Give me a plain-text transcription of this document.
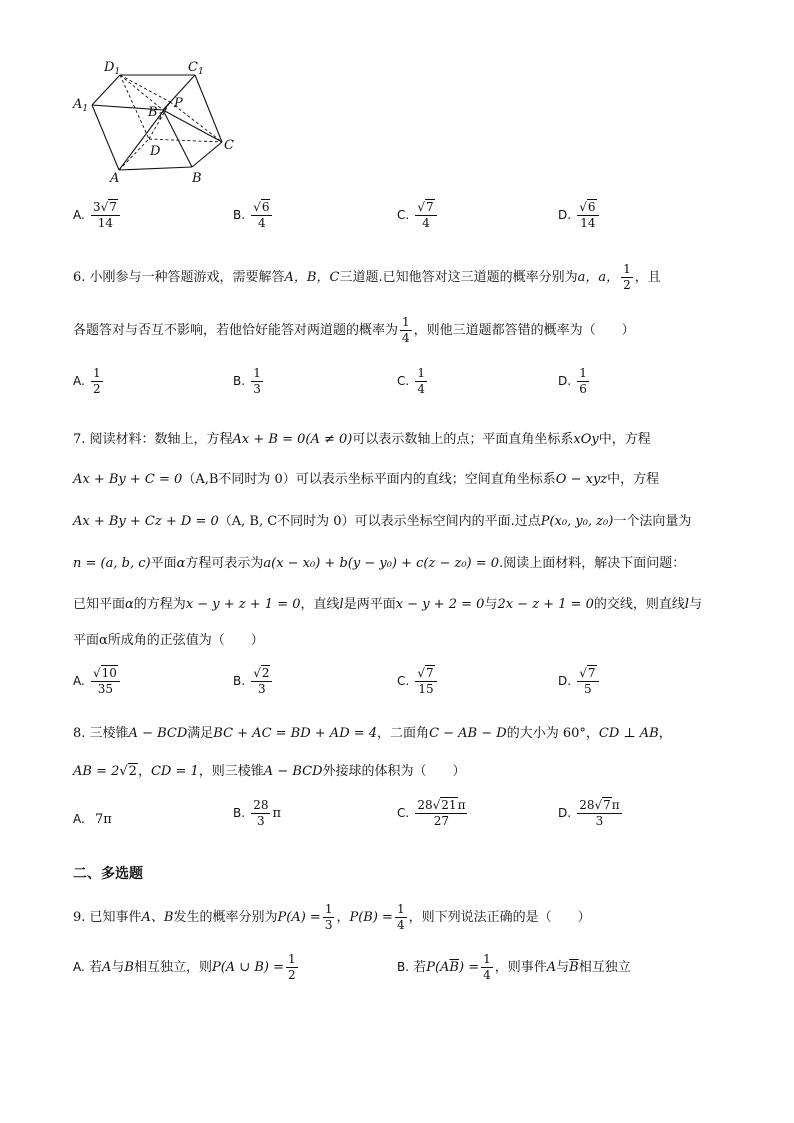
$D_1$	$C_1$
$A_1$	$B_1$
P
D	C
A	B
A. $\frac{3√7}{14}$	B. $\frac{√6}{4}$	C. $\frac{√7}{4}$	D. $\frac{√6}{14}$
6. 小刚参与一种答题游戏，需要解答A，B，C三道题.已知他答对这三道题的概率分别为a，a， $\frac{1}{2}$ ，且
各题答对与否互不影响，若他恰好能答对两道题的概率为 $\frac{1}{4}$ ，则他三道题都答错的概率为（　　）
A. $\frac{1}{2}$	B. $\frac{1}{3}$	C. $\frac{1}{4}$	D. $\frac{1}{6}$
7. 阅读材料：数轴上，方程Ax + B = 0(A ≠ 0)可以表示数轴上的点；平面直角坐标系xOy中，方程
Ax + By + C = 0（A,B不同时为 0）可以表示坐标平面内的直线；空间直角坐标系O − xyz中，方程
Ax + By + Cz + D = 0（A, B, C不同时为 0）可以表示坐标空间内的平面.过点P(x₀, y₀, z₀)一个法向量为
n = (a, b, c)平面α方程可表示为a(x − x₀) + b(y − y₀) + c(z − z₀) = 0.阅读上面材料，解决下面问题：
已知平面α的方程为x − y + z + 1 = 0，直线l是两平面x − y + 2 = 0与2x − z + 1 = 0的交线，则直线l与
平面α所成角的正弦值为（　　）
A. $\frac{√10}{35}$	B. $\frac{√2}{3}$	C. $\frac{√7}{15}$	D. $\frac{√7}{5}$
8. 三棱锥A − BCD满足BC + AC = BD + AD = 4，二面角C − AB − D的大小为 60°，CD ⊥ AB，
AB = 2√2，CD = 1，则三棱锥A − BCD外接球的体积为（　　）
A. 7π	B. $\frac{28}{3}$ π	C. $\frac{28√21\pi}{27}$	D. $\frac{28√7\pi}{3}$
二、多选题
9. 已知事件A、B发生的概率分别为$P(A) = \frac{1}{3}$ ，$P(B) = \frac{1}{4}$ ，则下列说法正确的是（　　）
A. 若A与B相互独立，则P(A ∪ $B) = \frac{1}{2}$	B. 若$P(A\overline{B}) = \frac{1}{4}$ ，则事件A与$\overline{B}$相互独立
